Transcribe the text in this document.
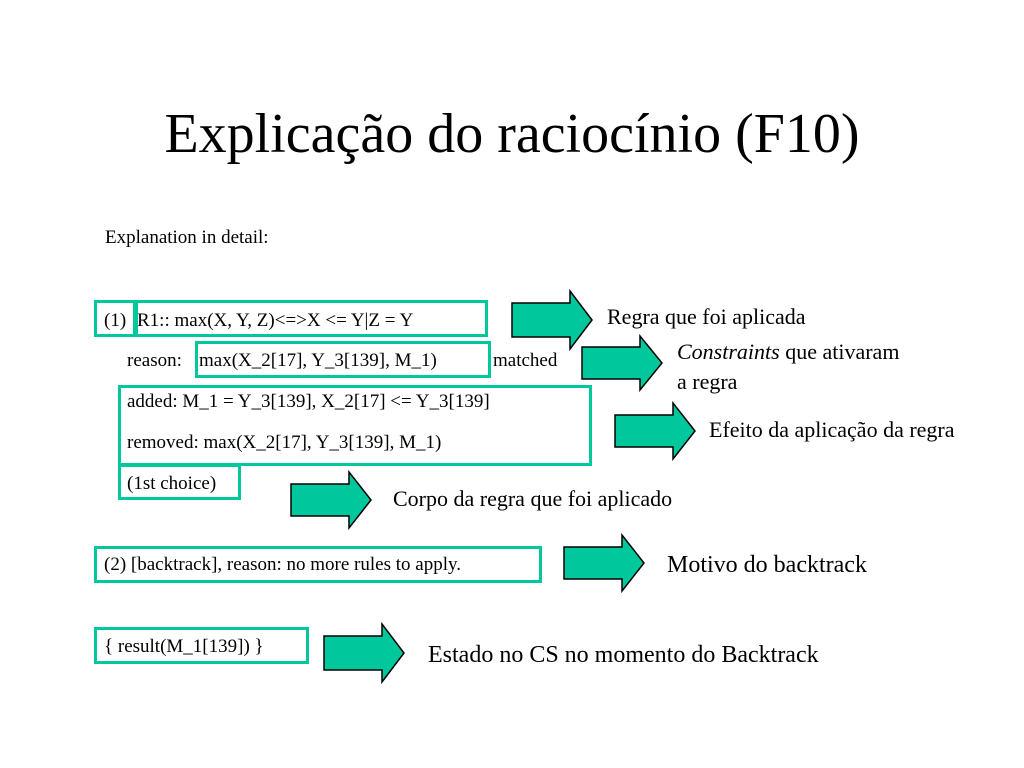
Explicação do raciocínio (F10)
Explanation in detail:
(1) R1:: max(X, Y, Z)<=>X <= Y|Z = Y
reason: max(X_2[17], Y_3[139], M_1)	matched
added: M_1 = Y_3[139], X_2[17] <= Y_3[139]
removed: max(X_2[17], Y_3[139], M_1)
(1st choice)
(2) [backtrack], reason: no more rules to apply.
{ result(M_1[139]) }
Regra que foi aplicada
Constraints que ativaram
a regra
Efeito da aplicação da regra
Corpo da regra que foi aplicado
Motivo do backtrack
Estado no CS no momento do Backtrack
